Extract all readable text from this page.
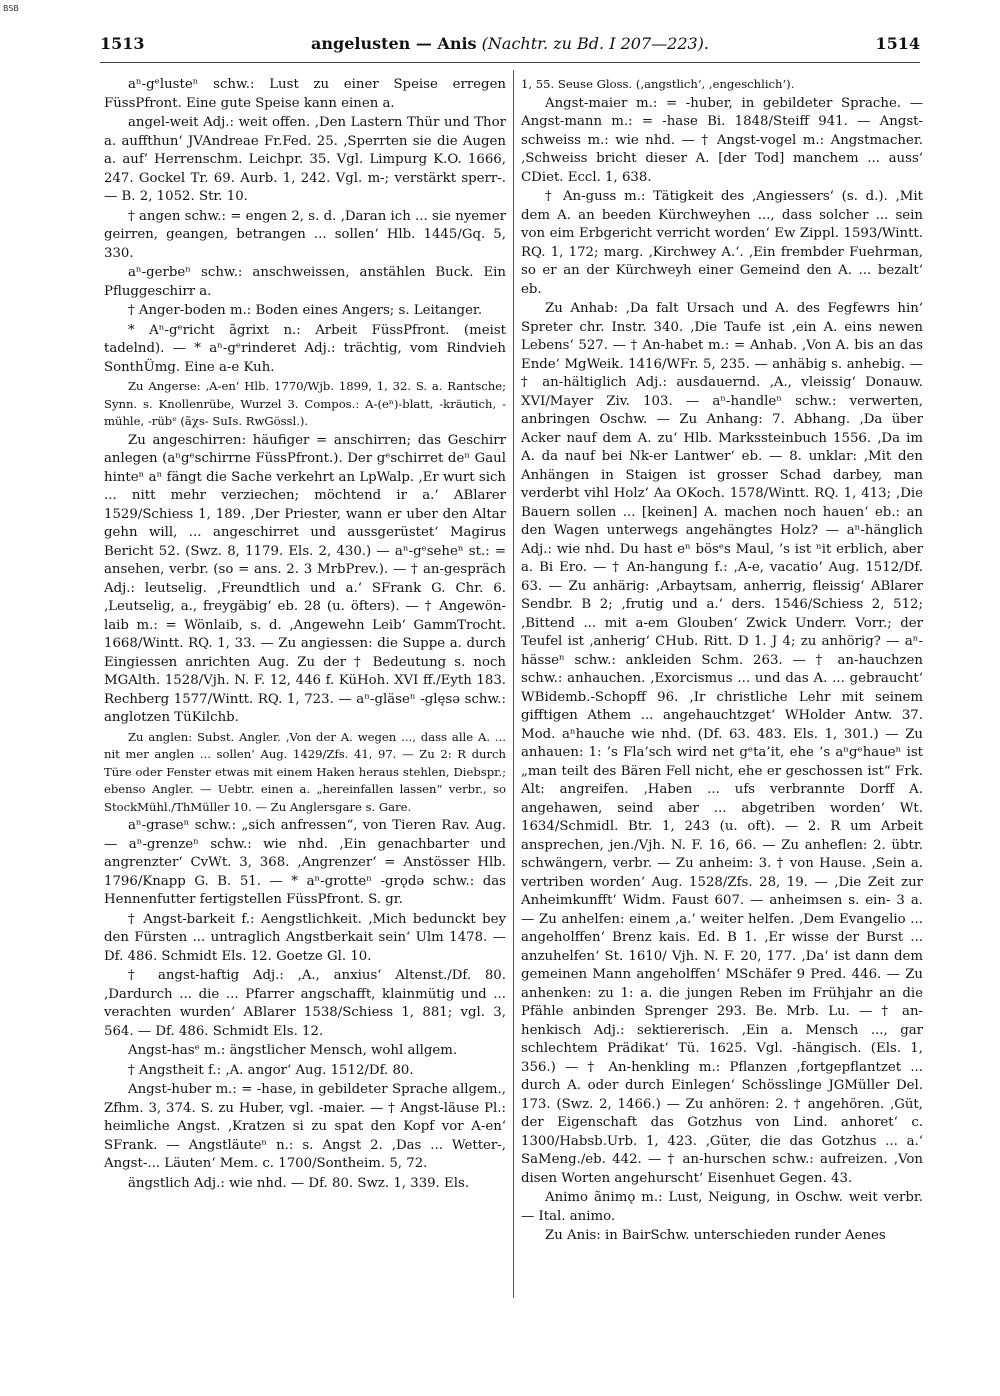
BSB
1513	angelusten — Anis (Nachtr. zu Bd. I 207—223).	1514

aⁿ-gᵉlusteⁿ schw.: Lust zu einer Speise erregen FüssPfront. Eine gute Speise kann einen a.

angel-weit Adj.: weit offen. ‚Den Lastern Thür und Thor a. auffthun‘ JVAndreae Fr.Fed. 25. ‚Sperrten sie die Augen a. auf‘ Herrenschm. Leichpr. 35. Vgl. Limpurg K.O. 1666, 247. Gockel Tr. 69. Aurb. 1, 242. Vgl. m-; verstärkt sperr-. — B. 2, 1052. Str. 10.

† angen schw.: = engen 2, s. d. ‚Daran ich ... sie nyemer geirren, geangen, betrangen ... sollen‘ Hlb. 1445/Gq. 5, 330.

aⁿ-gerbeⁿ schw.: anschweissen, anstählen Buck. Ein Pfluggeschirr a.

† Anger-boden m.: Boden eines Angers; s. Leitanger.

* Aⁿ-gᵉricht ãgrixt n.: Arbeit FüssPfront. (meist tadelnd). — * aⁿ-gᵉrinderet Adj.: trächtig, vom Rindvieh SonthÜmg. Eine a-e Kuh.

Zu Angerse: ‚A-en‘ Hlb. 1770/Wjb. 1899, 1, 32. S. a. Rantsche; Synn. s. Knollenrübe, Wurzel 3. Compos.: A-(eⁿ)-blatt, -kräutich, -mühle, -rübᵉ (ãχs- SuIs. RwGössl.).

Zu angeschirren: häufiger = anschirren; das Geschirr anlegen (aⁿgᵉschirrne FüssPfront.). Der gᵉschirret deⁿ Gaul hinteⁿ aⁿ fängt die Sache verkehrt an LpWalp. ‚Er wurt sich ... nitt mehr verziechen; möchtend ir a.‘ ABlarer 1529/Schiess 1, 189. ‚Der Priester, wann er uber den Altar gehn will, ... angeschirret und aussgerüstet‘ Magirus Bericht 52. (Swz. 8, 1179. Els. 2, 430.) — aⁿ-gᵉseheⁿ st.: = ansehen, verbr. (so = ans. 2. 3 MrbPrev.). — † an-gespräch Adj.: leutselig. ‚Freundtlich und a.‘ SFrank G. Chr. 6. ‚Leutselig, a., freygäbig‘ eb. 28 (u. öfters). — † Angewön-laib m.: = Wönlaib, s. d. ‚Angewehn Leib‘ GammTrocht. 1668/Wintt. RQ. 1, 33. — Zu angiessen: die Suppe a. durch Eingiessen anrichten Aug. Zu der † Bedeutung s. noch MGAlth. 1528/Vjh. N. F. 12, 446 f. KüHoh. XVI ff./Eyth 183. Rechberg 1577/Wintt. RQ. 1, 723. — aⁿ-gläseⁿ -glęsə schw.: anglotzen TüKilchb.

Zu anglen: Subst. Angler. ‚Von der A. wegen ..., dass alle A. ... nit mer anglen ... sollen‘ Aug. 1429/Zfs. 41, 97. — Zu 2: R durch Türe oder Fenster etwas mit einem Haken heraus stehlen, Diebspr.; ebenso Angler. — Uebtr. einen a. „hereinfallen lassen“ verbr., so StockMühl./ThMüller 10. — Zu Anglersgare s. Gare.

aⁿ-graseⁿ schw.: „sich anfressen“, von Tieren Rav. Aug. — aⁿ-grenzeⁿ schw.: wie nhd. ‚Ein genachbarter und angrenzter‘ CvWt. 3, 368. ‚Angrenzer‘ = Anstösser Hlb. 1796/Knapp G. B. 51. — * aⁿ-grotteⁿ -grǫdə schw.: das Hennenfutter fertigstellen FüssPfront. S. gr.

† Angst-barkeit f.: Aengstlichkeit. ‚Mich bedunckt bey den Fürsten ... untraglich Angstberkait sein‘ Ulm 1478. — Df. 486. Schmidt Els. 12. Goetze Gl. 10.

† angst-haftig Adj.: ‚A., anxius‘ Altenst./Df. 80. ‚Dardurch ... die ... Pfarrer angschafft, klainmütig und ... verachten wurden‘ ABlarer 1538/Schiess 1, 881; vgl. 3, 564. — Df. 486. Schmidt Els. 12.

Angst-hasᵉ m.: ängstlicher Mensch, wohl allgem.

† Angstheit f.: ‚A. angor‘ Aug. 1512/Df. 80.

Angst-huber m.: = -hase, in gebildeter Sprache allgem., Zfhm. 3, 374. S. zu Huber, vgl. -maier. — † Angst-läuse Pl.: heimliche Angst. ‚Kratzen si zu spat den Kopf vor A-en‘ SFrank. — Angstläuteⁿ n.: s. Angst 2. ‚Das ... Wetter-, Angst-... Läuten‘ Mem. c. 1700/Sontheim. 5, 72.

ängstlich Adj.: wie nhd. — Df. 80. Swz. 1, 339. Els.

1, 55. Seuse Gloss. (‚angstlich‘, ‚engeschlich‘).

Angst-maier m.: = -huber, in gebildeter Sprache. — Angst-mann m.: = -hase Bi. 1848/Steiff 941. — Angst-schweiss m.: wie nhd. — † Angst-vogel m.: Angstmacher. ‚Schweiss bricht dieser A. [der Tod] manchem ... auss‘ CDiet. Eccl. 1, 638.

† An-guss m.: Tätigkeit des ‚Angiessers‘ (s. d.). ‚Mit dem A. an beeden Kürchweyhen ..., dass solcher ... sein von eim Erbgericht verricht worden‘ Ew Zippl. 1593/Wintt. RQ. 1, 172; marg. ‚Kirchwey A.‘. ‚Ein frembder Fuehrman, so er an der Kürchweyh einer Gemeind den A. ... bezalt‘ eb.

Zu Anhab: ‚Da falt Ursach und A. des Fegfewrs hin‘ Spreter chr. Instr. 340. ‚Die Taufe ist ‚ein A. eins newen Lebens‘ 527. — † An-habet m.: = Anhab. ‚Von A. bis an das Ende‘ MgWeik. 1416/WFr. 5, 235. — anhäbig s. anhebig. — † an-hältiglich Adj.: ausdauernd. ‚A., vleissig‘ Donauw. XVI/Mayer Ziv. 103. — aⁿ-handleⁿ schw.: verwerten, anbringen Oschw. — Zu Anhang: 7. Abhang. ‚Da über Acker nauf dem A. zu‘ Hlb. Markssteinbuch 1556. ‚Da im A. da nauf bei Nk-er Lantwer‘ eb. — 8. unklar: ‚Mit den Anhängen in Staigen ist grosser Schad darbey, man verderbt vihl Holz‘ Aa OKoch. 1578/Wintt. RQ. 1, 413; ‚Die Bauern sollen ... [keinen] A. machen noch hauen‘ eb.: an den Wagen unterwegs angehängtes Holz? — aⁿ-hänglich Adj.: wie nhd. Du hast eⁿ bösᵉs Maul, ’s ist ⁿit erblich, aber a. Bi Ero. — † An-hangung f.: ‚A-e, vacatio‘ Aug. 1512/Df. 63. — Zu anhärig: ‚Arbaytsam, anherrig, fleissig‘ ABlarer Sendbr. B 2; ‚frutig und a.‘ ders. 1546/Schiess 2, 512; ‚Bittend ... mit a-em Glouben‘ Zwick Underr. Vorr.; der Teufel ist ‚anherig‘ CHub. Ritt. D 1. J 4; zu anhörig? — aⁿ-hässeⁿ schw.: ankleiden Schm. 263. — † an-hauchzen schw.: anhauchen. ‚Exorcismus ... und das A. ... gebraucht‘ WBidemb.-Schopff 96. ‚Ir christliche Lehr mit seinem gifftigen Athem ... angehauchtzget‘ WHolder Antw. 37. Mod. aⁿhauche wie nhd. (Df. 63. 483. Els. 1, 301.) — Zu anhauen: 1: ’s Fla’sch wird net gᵉta’it, ehe ’s aⁿgᵉhaueⁿ ist „man teilt des Bären Fell nicht, ehe er geschossen ist“ Frk. Alt: angreifen. ‚Haben ... ufs verbrannte Dorff A. angehawen, seind aber ... abgetriben worden‘ Wt. 1634/Schmidl. Btr. 1, 243 (u. oft). — 2. R um Arbeit ansprechen, jen./Vjh. N. F. 16, 66. — Zu anheflen: 2. übtr. schwängern, verbr. — Zu anheim: 3. † von Hause. ‚Sein a. vertriben worden‘ Aug. 1528/Zfs. 28, 19. — ‚Die Zeit zur Anheimkunfft‘ Widm. Faust 607. — anheimsen s. ein- 3 a. — Zu anhelfen: einem ‚a.‘ weiter helfen. ‚Dem Evangelio ... angeholffen‘ Brenz kais. Ed. B 1. ‚Er wisse der Burst ... anzuhelfen‘ St. 1610/ Vjh. N. F. 20, 177. ‚Da‘ ist dann dem gemeinen Mann angeholffen‘ MSchäfer 9 Pred. 446. — Zu anhenken: zu 1: a. die jungen Reben im Frühjahr an die Pfähle anbinden Sprenger 293. Be. Mrb. Lu. — † an-henkisch Adj.: sektiererisch. ‚Ein a. Mensch ..., gar schlechtem Prädikat‘ Tü. 1625. Vgl. -hängisch. (Els. 1, 356.) — † An-henkling m.: Pflanzen ‚fortgepflantzet ... durch A. oder durch Einlegen‘ Schösslinge JGMüller Del. 173. (Swz. 2, 1466.) — Zu anhören: 2. † angehören. ‚Güt, der Eigenschaft das Gotzhus von Lind. anhoret‘ c. 1300/Habsb.Urb. 1, 423. ‚Güter, die das Gotzhus ... a.‘ SaMeng./eb. 442. — † an-hurschen schw.: aufreizen. ‚Von disen Worten angehurscht‘ Eisenhuet Gegen. 43.

Animo ãnimǫ m.: Lust, Neigung, in Oschw. weit verbr. — Ital. animo.

Zu Anis: in BairSchw. unterschieden runder Aenes
